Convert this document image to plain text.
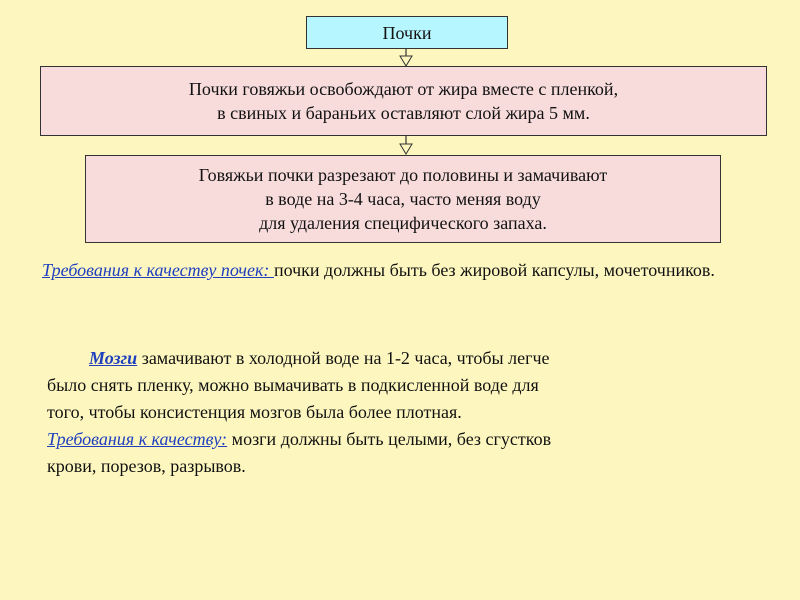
Почки
Почки говяжьи освобождают от жира вместе с пленкой,
в свиных и бараньих оставляют слой жира 5 мм.
Говяжьи почки разрезают до половины и замачивают
в воде на 3-4 часа, часто меняя воду
для удаления специфического запаха.
Требования к качеству почек: почки должны быть без жировой капсулы, мочеточников.
Мозги замачивают в холодной воде на 1-2 часа, чтобы легче
было снять пленку, можно вымачивать в подкисленной воде для
того, чтобы консистенция мозгов была более плотная.
Требования к качеству: мозги должны быть целыми, без сгустков
крови, порезов, разрывов.
